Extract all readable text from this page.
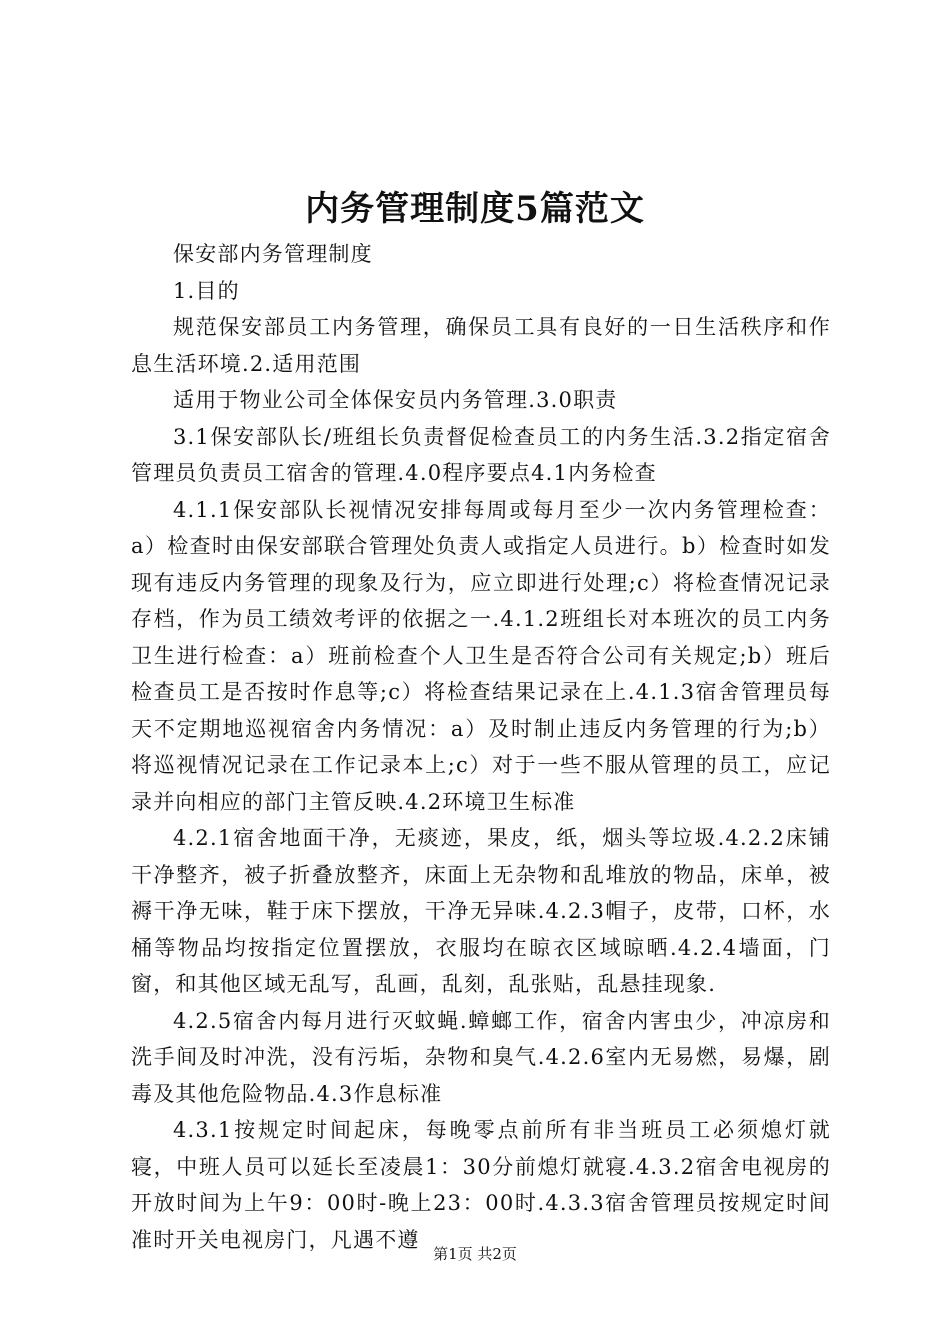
内务管理制度5篇范文

保安部内务管理制度

1.目的

规范保安部员工内务管理，确保员工具有良好的一日生活秩序和作息生活环境.2.适用范围

适用于物业公司全体保安员内务管理.3.0职责

3.1保安部队长/班组长负责督促检查员工的内务生活.3.2指定宿舍管理员负责员工宿舍的管理.4.0程序要点4.1内务检查

4.1.1保安部队长视情况安排每周或每月至少一次内务管理检查：a）检查时由保安部联合管理处负责人或指定人员进行。b）检查时如发现有违反内务管理的现象及行为，应立即进行处理;c）将检查情况记录存档，作为员工绩效考评的依据之一.4.1.2班组长对本班次的员工内务卫生进行检查：a）班前检查个人卫生是否符合公司有关规定;b）班后检查员工是否按时作息等;c）将检查结果记录在上.4.1.3宿舍管理员每天不定期地巡视宿舍内务情况：a）及时制止违反内务管理的行为;b）将巡视情况记录在工作记录本上;c）对于一些不服从管理的员工，应记录并向相应的部门主管反映.4.2环境卫生标准

4.2.1宿舍地面干净，无痰迹，果皮，纸，烟头等垃圾.4.2.2床铺干净整齐，被子折叠放整齐，床面上无杂物和乱堆放的物品，床单，被褥干净无味，鞋于床下摆放，干净无异味.4.2.3帽子，皮带，口杯，水桶等物品均按指定位置摆放，衣服均在晾衣区域晾晒.4.2.4墙面，门窗，和其他区域无乱写，乱画，乱刻，乱张贴，乱悬挂现象.

4.2.5宿舍内每月进行灭蚊蝇.蟑螂工作，宿舍内害虫少，冲凉房和洗手间及时冲洗，没有污垢，杂物和臭气.4.2.6室内无易燃，易爆，剧毒及其他危险物品.4.3作息标准

4.3.1按规定时间起床，每晚零点前所有非当班员工必须熄灯就寝，中班人员可以延长至凌晨1：30分前熄灯就寝.4.3.2宿舍电视房的开放时间为上午9：00时-晚上23：00时.4.3.3宿舍管理员按规定时间准时开关电视房门，凡遇不遵

第1页 共2页
